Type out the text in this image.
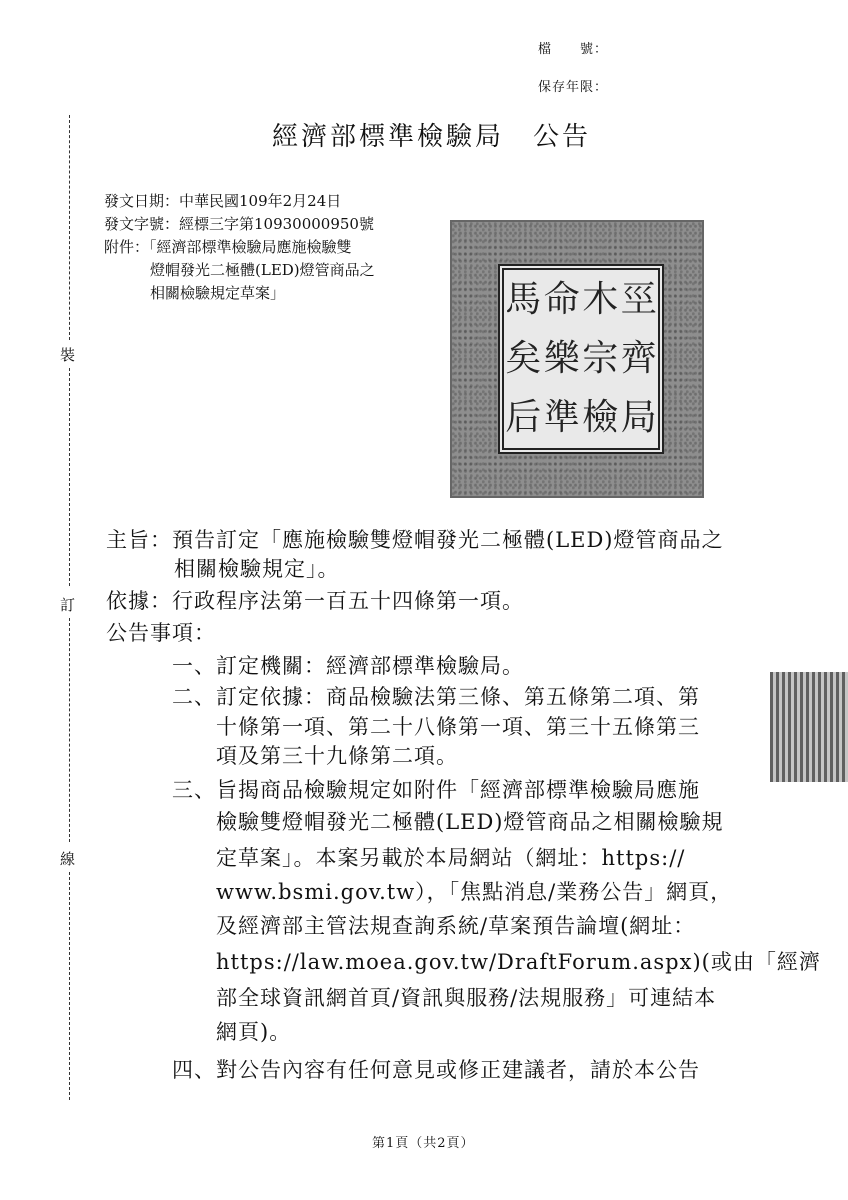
檔　　號：
保存年限：
經濟部標準檢驗局　公告
裝
訂
線
發文日期：中華民國109年2月24日
發文字號：經標三字第10930000950號
附件：「經濟部標準檢驗局應施檢驗雙
燈帽發光二極體(LED)燈管商品之
相關檢驗規定草案」	馬 命 木 巠
矣 樂 宗 齊
后 準 檢 局
主旨：預告訂定「應施檢驗雙燈帽發光二極體(LED)燈管商品之
相關檢驗規定」。
依據：行政程序法第一百五十四條第一項。
公告事項：
一、訂定機關：經濟部標準檢驗局。
二、訂定依據：商品檢驗法第三條、第五條第二項、第
十條第一項、第二十八條第一項、第三十五條第三
項及第三十九條第二項。
三、旨揭商品檢驗規定如附件「經濟部標準檢驗局應施
檢驗雙燈帽發光二極體(LED)燈管商品之相關檢驗規
定草案」。本案另載於本局網站（網址：https://
www.bsmi.gov.tw），「焦點消息/業務公告」網頁，
及經濟部主管法規查詢系統/草案預告論壇(網址：
https://law.moea.gov.tw/DraftForum.aspx)(或由「經濟
部全球資訊網首頁/資訊與服務/法規服務」可連結本
網頁)。
四、對公告內容有任何意見或修正建議者，請於本公告
第1頁（共2頁）
